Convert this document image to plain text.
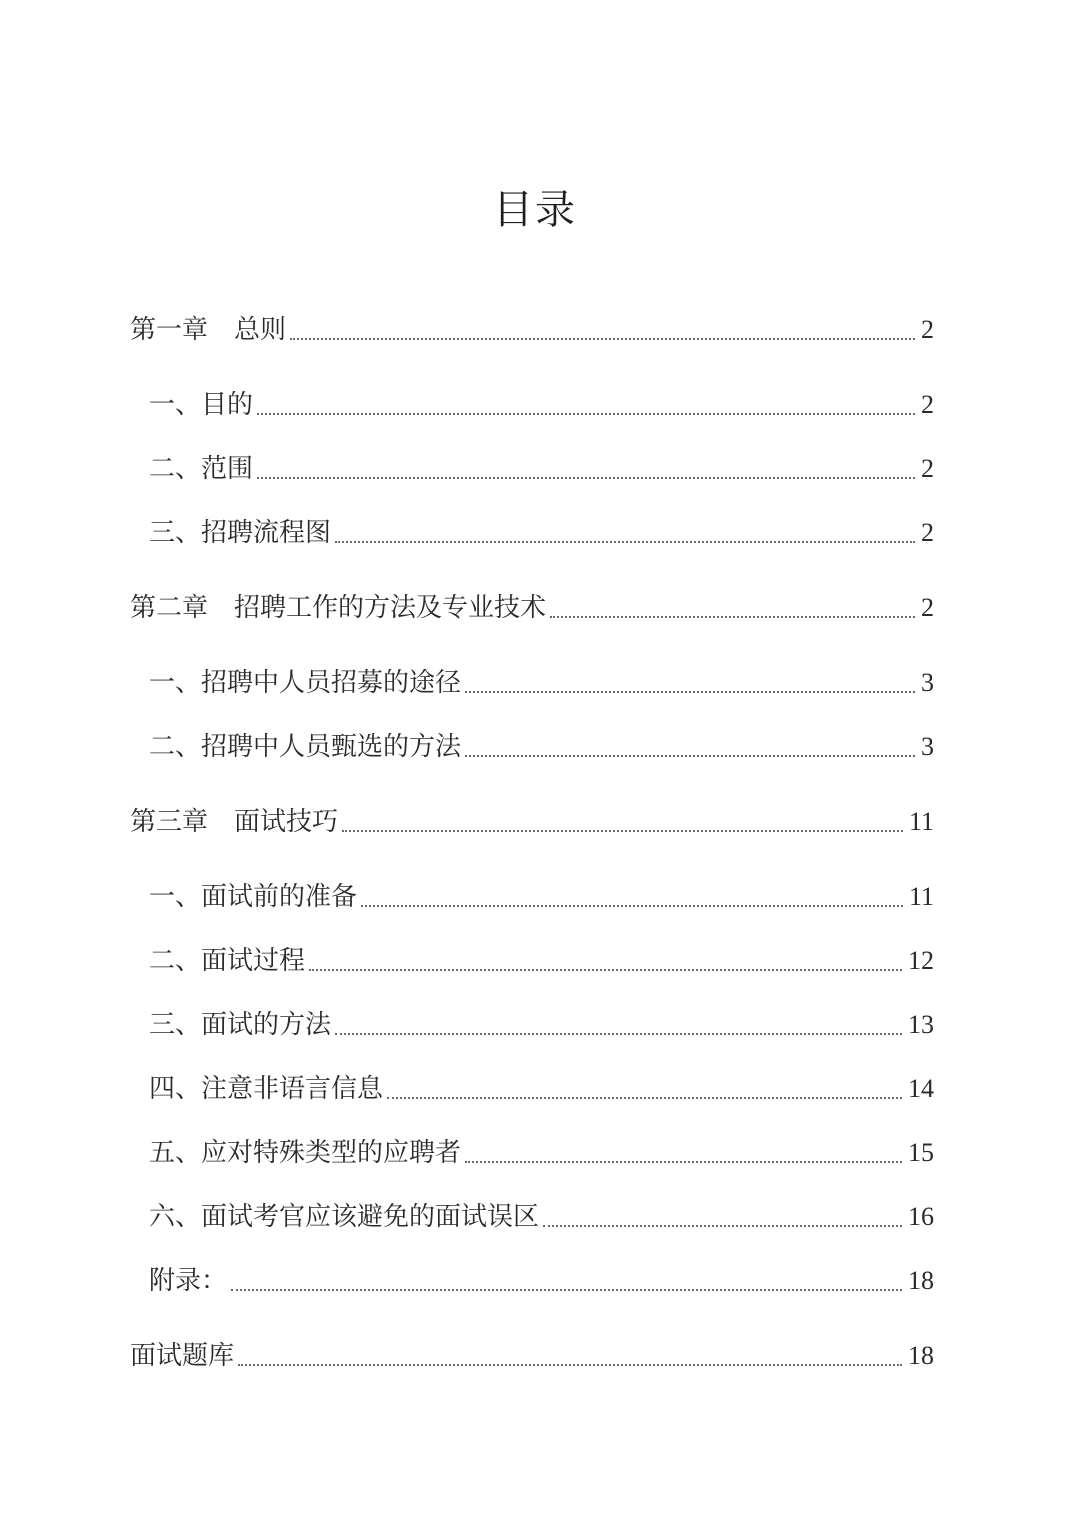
目录
第一章　总则	2
一、目的	2
二、范围	2
三、招聘流程图	2
第二章　招聘工作的方法及专业技术	2
一、招聘中人员招募的途径	3
二、招聘中人员甄选的方法	3
第三章　面试技巧	11
一、面试前的准备	11
二、面试过程	12
三、面试的方法	13
四、注意非语言信息	14
五、应对特殊类型的应聘者	15
六、面试考官应该避免的面试误区	16
附录：	18
面试题库	18
